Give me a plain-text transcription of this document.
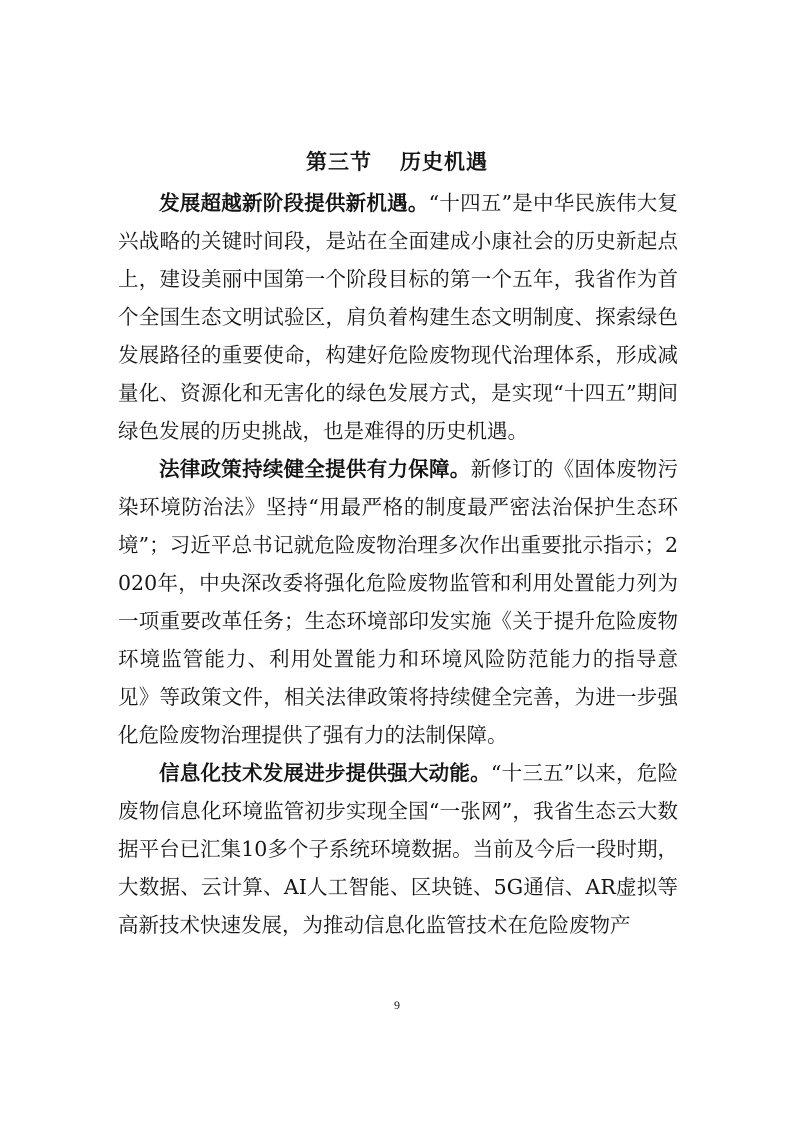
第三节 历史机遇

发展超越新阶段提供新机遇。“十四五”是中华民族伟大复兴战略的关键时间段，是站在全面建成小康社会的历史新起点上，建设美丽中国第一个阶段目标的第一个五年，我省作为首个全国生态文明试验区，肩负着构建生态文明制度、探索绿色发展路径的重要使命，构建好危险废物现代治理体系，形成减量化、资源化和无害化的绿色发展方式，是实现“十四五”期间绿色发展的历史挑战，也是难得的历史机遇。

法律政策持续健全提供有力保障。新修订的《固体废物污染环境防治法》坚持“用最严格的制度最严密法治保护生态环境”；习近平总书记就危险废物治理多次作出重要批示指示；2020年，中央深改委将强化危险废物监管和利用处置能力列为一项重要改革任务；生态环境部印发实施《关于提升危险废物环境监管能力、利用处置能力和环境风险防范能力的指导意见》等政策文件，相关法律政策将持续健全完善，为进一步强化危险废物治理提供了强有力的法制保障。

信息化技术发展进步提供强大动能。“十三五”以来，危险废物信息化环境监管初步实现全国“一张网”，我省生态云大数据平台已汇集10多个子系统环境数据。当前及今后一段时期，大数据、云计算、AI人工智能、区块链、5G通信、AR虚拟等高新技术快速发展，为推动信息化监管技术在危险废物产

9
